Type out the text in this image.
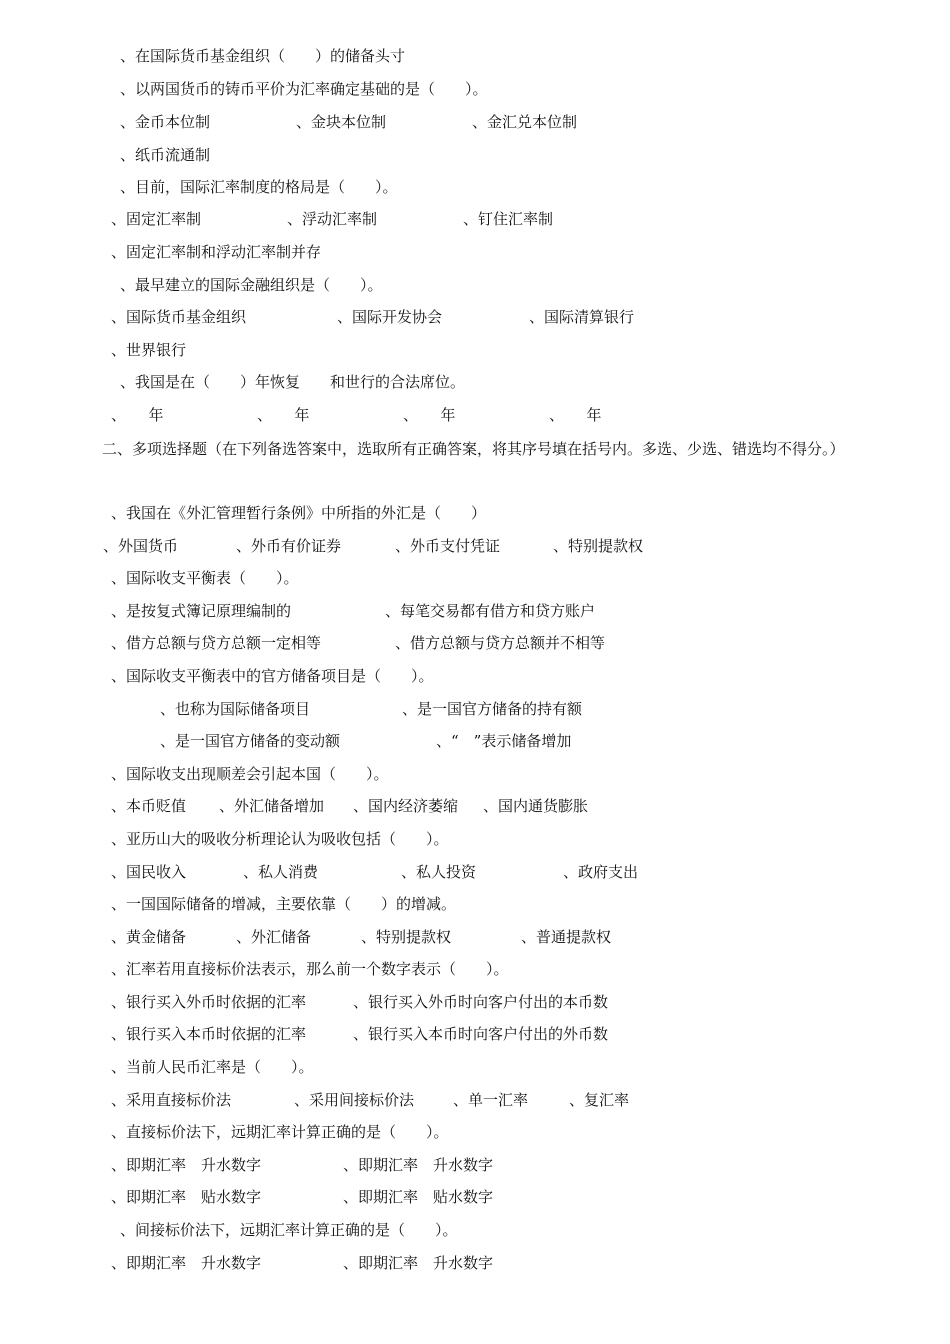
、在国际货币基金组织（　　）的储备头寸
、以两国货币的铸币平价为汇率确定基础的是（　　）。

、金币本位制

	、金块本位制

	、金汇兑本位制

、纸币流通制
、目前，国际汇率制度的格局是（　　）。

、固定汇率制

	、浮动汇率制

	、钉住汇率制

、固定汇率制和浮动汇率制并存
、最早建立的国际金融组织是（　　）。

、国际货币基金组织

	、国际开发协会

	、国际清算银行

、世界银行
、我国是在（　　）年恢复　　和世行的合法席位。

、　　年

	、　　年

	、　　年

	、　　年

二、多项选择题（在下列备选答案中，选取所有正确答案，将其序号填在括号内。多选、少选、错选均不得分。）
、我国在《外汇管理暂行条例》中所指的外汇是（　　）

、外国货币

	、外币有价证券

	、外币支付凭证

	、特别提款权

、国际收支平衡表（　　）。

、是按复式簿记原理编制的

	、每笔交易都有借方和贷方账户

、借方总额与贷方总额一定相等

	、借方总额与贷方总额并不相等

、国际收支平衡表中的官方储备项目是（　　）。

、也称为国际储备项目

	、是一国官方储备的持有额

、是一国官方储备的变动额

	、“　”表示储备增加

、国际收支出现顺差会引起本国（　　）。

、本币贬值

、外汇储备增加

、国内经济萎缩

、国内通货膨胀

、亚历山大的吸收分析理论认为吸收包括（　　）。

、国民收入

	、私人消费

	、私人投资

	、政府支出

、一国国际储备的增减，主要依靠（　　）的增减。

、黄金储备

	、外汇储备

	、特别提款权

	、普通提款权

、汇率若用直接标价法表示，那么前一个数字表示（　　）。

、银行买入外币时依据的汇率

	、银行买入外币时向客户付出的本币数

、银行买入本币时依据的汇率

	、银行买入本币时向客户付出的外币数

、当前人民币汇率是（　　）。

、采用直接标价法

	、采用间接标价法

	、单一汇率

	、复汇率

、直接标价法下，远期汇率计算正确的是（　　）。

、即期汇率　升水数字

	、即期汇率　升水数字

、即期汇率　贴水数字

	、即期汇率　贴水数字

、间接标价法下，远期汇率计算正确的是（　　）。

、即期汇率　升水数字

	、即期汇率　升水数字
